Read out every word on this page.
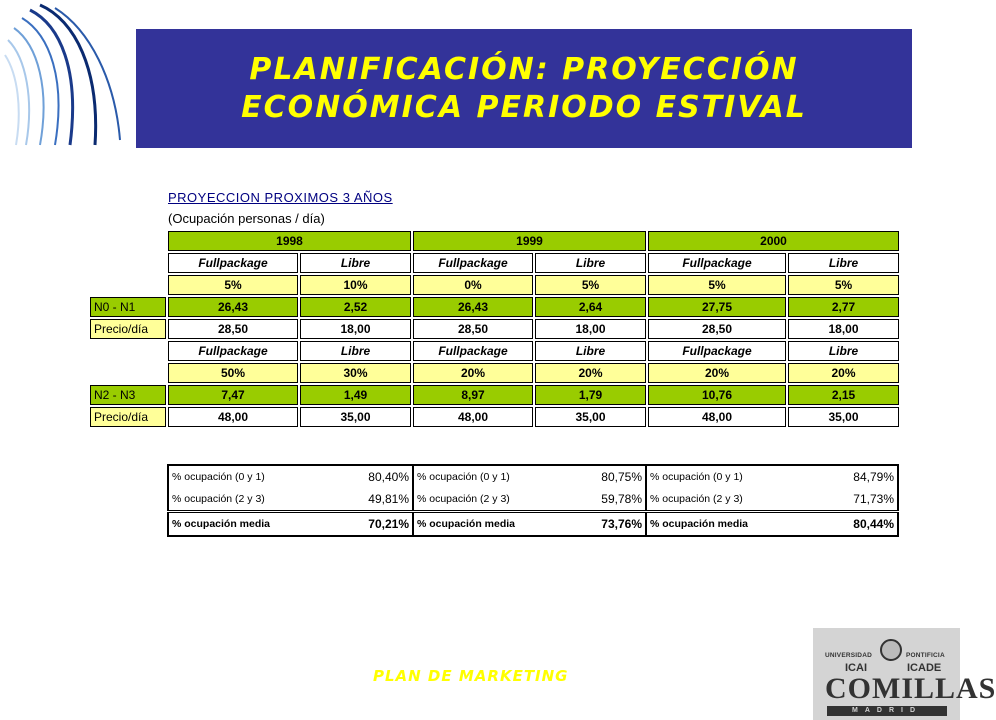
PLANIFICACIÓN: PROYECCIÓN
ECONÓMICA PERIODO ESTIVAL
PROYECCION PROXIMOS 3 AÑOS
(Ocupación personas / día)
	1998		1999		2000	
	Fullpackage	Libre	Fullpackage	Libre	Fullpackage	Libre
	5%	10%	0%	5%	5%	5%
N0 - N1	26,43	2,52	26,43	2,64	27,75	2,77
Precio/día	28,50	18,00	28,50	18,00	28,50	18,00
	Fullpackage	Libre	Fullpackage	Libre	Fullpackage	Libre
	50%	30%	20%	20%	20%	20%
N2 - N3	7,47	1,49	8,97	1,79	10,76	2,15
Precio/día	48,00	35,00	48,00	35,00	48,00	35,00
% ocupación (0 y 1)	80,40%	% ocupación (0 y 1)	80,75%	% ocupación (0 y 1)	84,79%
% ocupación (2 y 3)	49,81%	% ocupación (2 y 3)	59,78%	% ocupación (2 y 3)	71,73%
% ocupación media	70,21%	% ocupación media	73,76%	% ocupación media	80,44%
PLAN DE MARKETING
UNIVERSIDAD	PONTIFICIA
ICAI	ICADE
COMILLAS
MADRID
